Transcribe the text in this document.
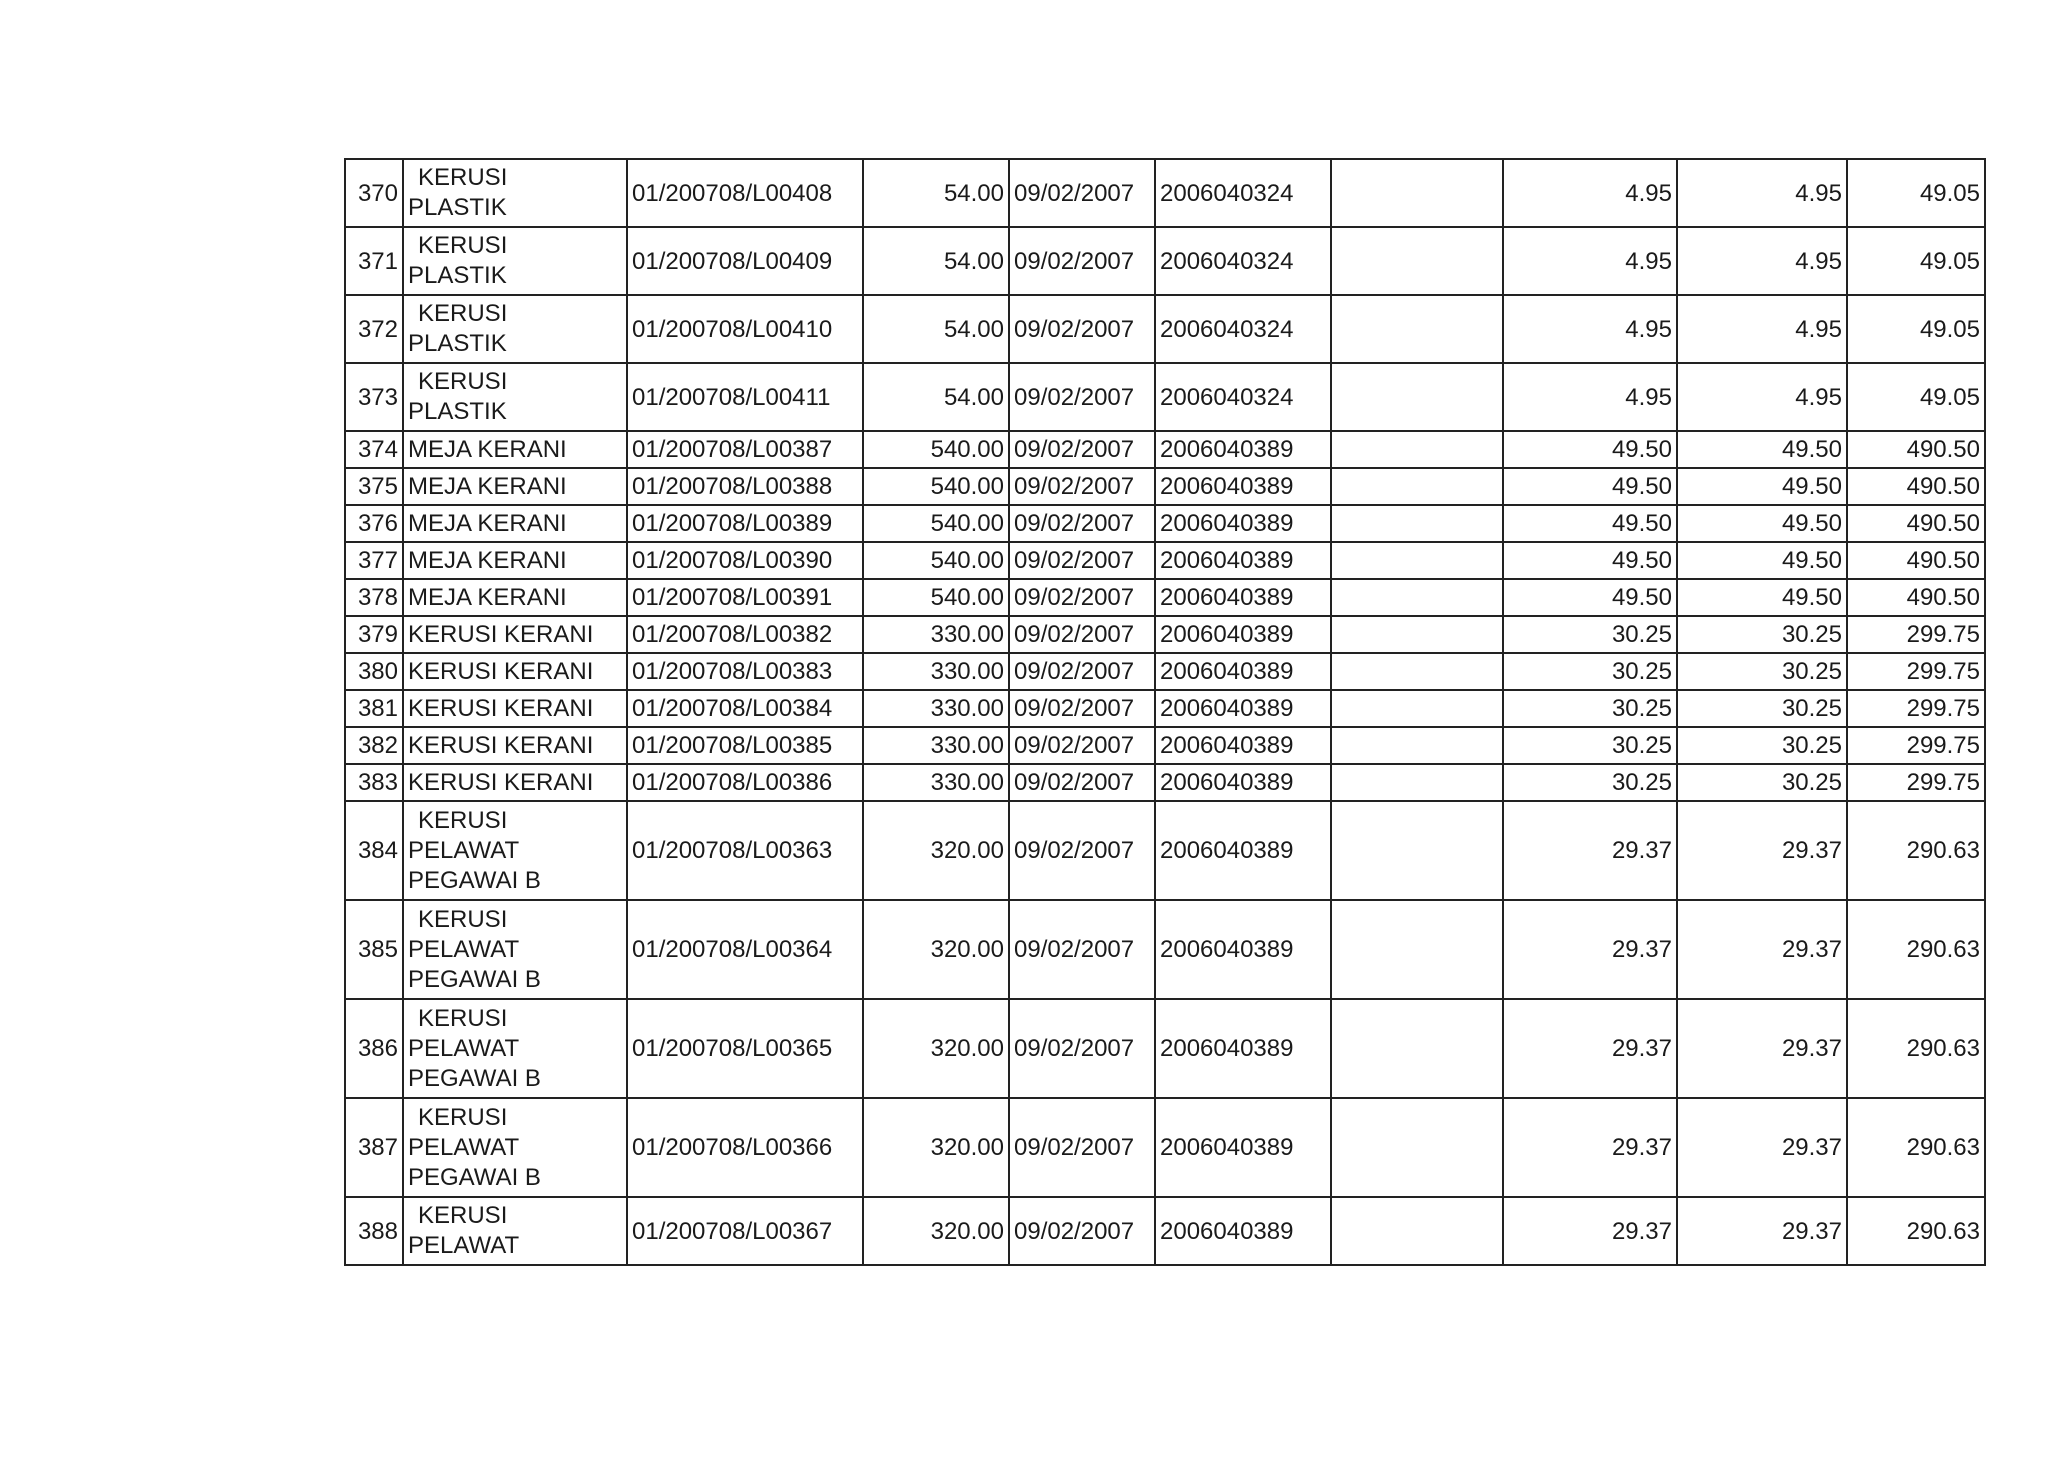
370	KERUSI
PLASTIK	01/200708/L00408	54.00	09/02/2007	2006040324		4.95	4.95	49.05
371	KERUSI
PLASTIK	01/200708/L00409	54.00	09/02/2007	2006040324		4.95	4.95	49.05
372	KERUSI
PLASTIK	01/200708/L00410	54.00	09/02/2007	2006040324		4.95	4.95	49.05
373	KERUSI
PLASTIK	01/200708/L00411	54.00	09/02/2007	2006040324		4.95	4.95	49.05
374	MEJA KERANI	01/200708/L00387	540.00	09/02/2007	2006040389		49.50	49.50	490.50
375	MEJA KERANI	01/200708/L00388	540.00	09/02/2007	2006040389		49.50	49.50	490.50
376	MEJA KERANI	01/200708/L00389	540.00	09/02/2007	2006040389		49.50	49.50	490.50
377	MEJA KERANI	01/200708/L00390	540.00	09/02/2007	2006040389		49.50	49.50	490.50
378	MEJA KERANI	01/200708/L00391	540.00	09/02/2007	2006040389		49.50	49.50	490.50
379	KERUSI KERANI	01/200708/L00382	330.00	09/02/2007	2006040389		30.25	30.25	299.75
380	KERUSI KERANI	01/200708/L00383	330.00	09/02/2007	2006040389		30.25	30.25	299.75
381	KERUSI KERANI	01/200708/L00384	330.00	09/02/2007	2006040389		30.25	30.25	299.75
382	KERUSI KERANI	01/200708/L00385	330.00	09/02/2007	2006040389		30.25	30.25	299.75
383	KERUSI KERANI	01/200708/L00386	330.00	09/02/2007	2006040389		30.25	30.25	299.75
384	KERUSI
PELAWAT
PEGAWAI B	01/200708/L00363	320.00	09/02/2007	2006040389		29.37	29.37	290.63
385	KERUSI
PELAWAT
PEGAWAI B	01/200708/L00364	320.00	09/02/2007	2006040389		29.37	29.37	290.63
386	KERUSI
PELAWAT
PEGAWAI B	01/200708/L00365	320.00	09/02/2007	2006040389		29.37	29.37	290.63
387	KERUSI
PELAWAT
PEGAWAI B	01/200708/L00366	320.00	09/02/2007	2006040389		29.37	29.37	290.63
388	KERUSI
PELAWAT	01/200708/L00367	320.00	09/02/2007	2006040389		29.37	29.37	290.63
